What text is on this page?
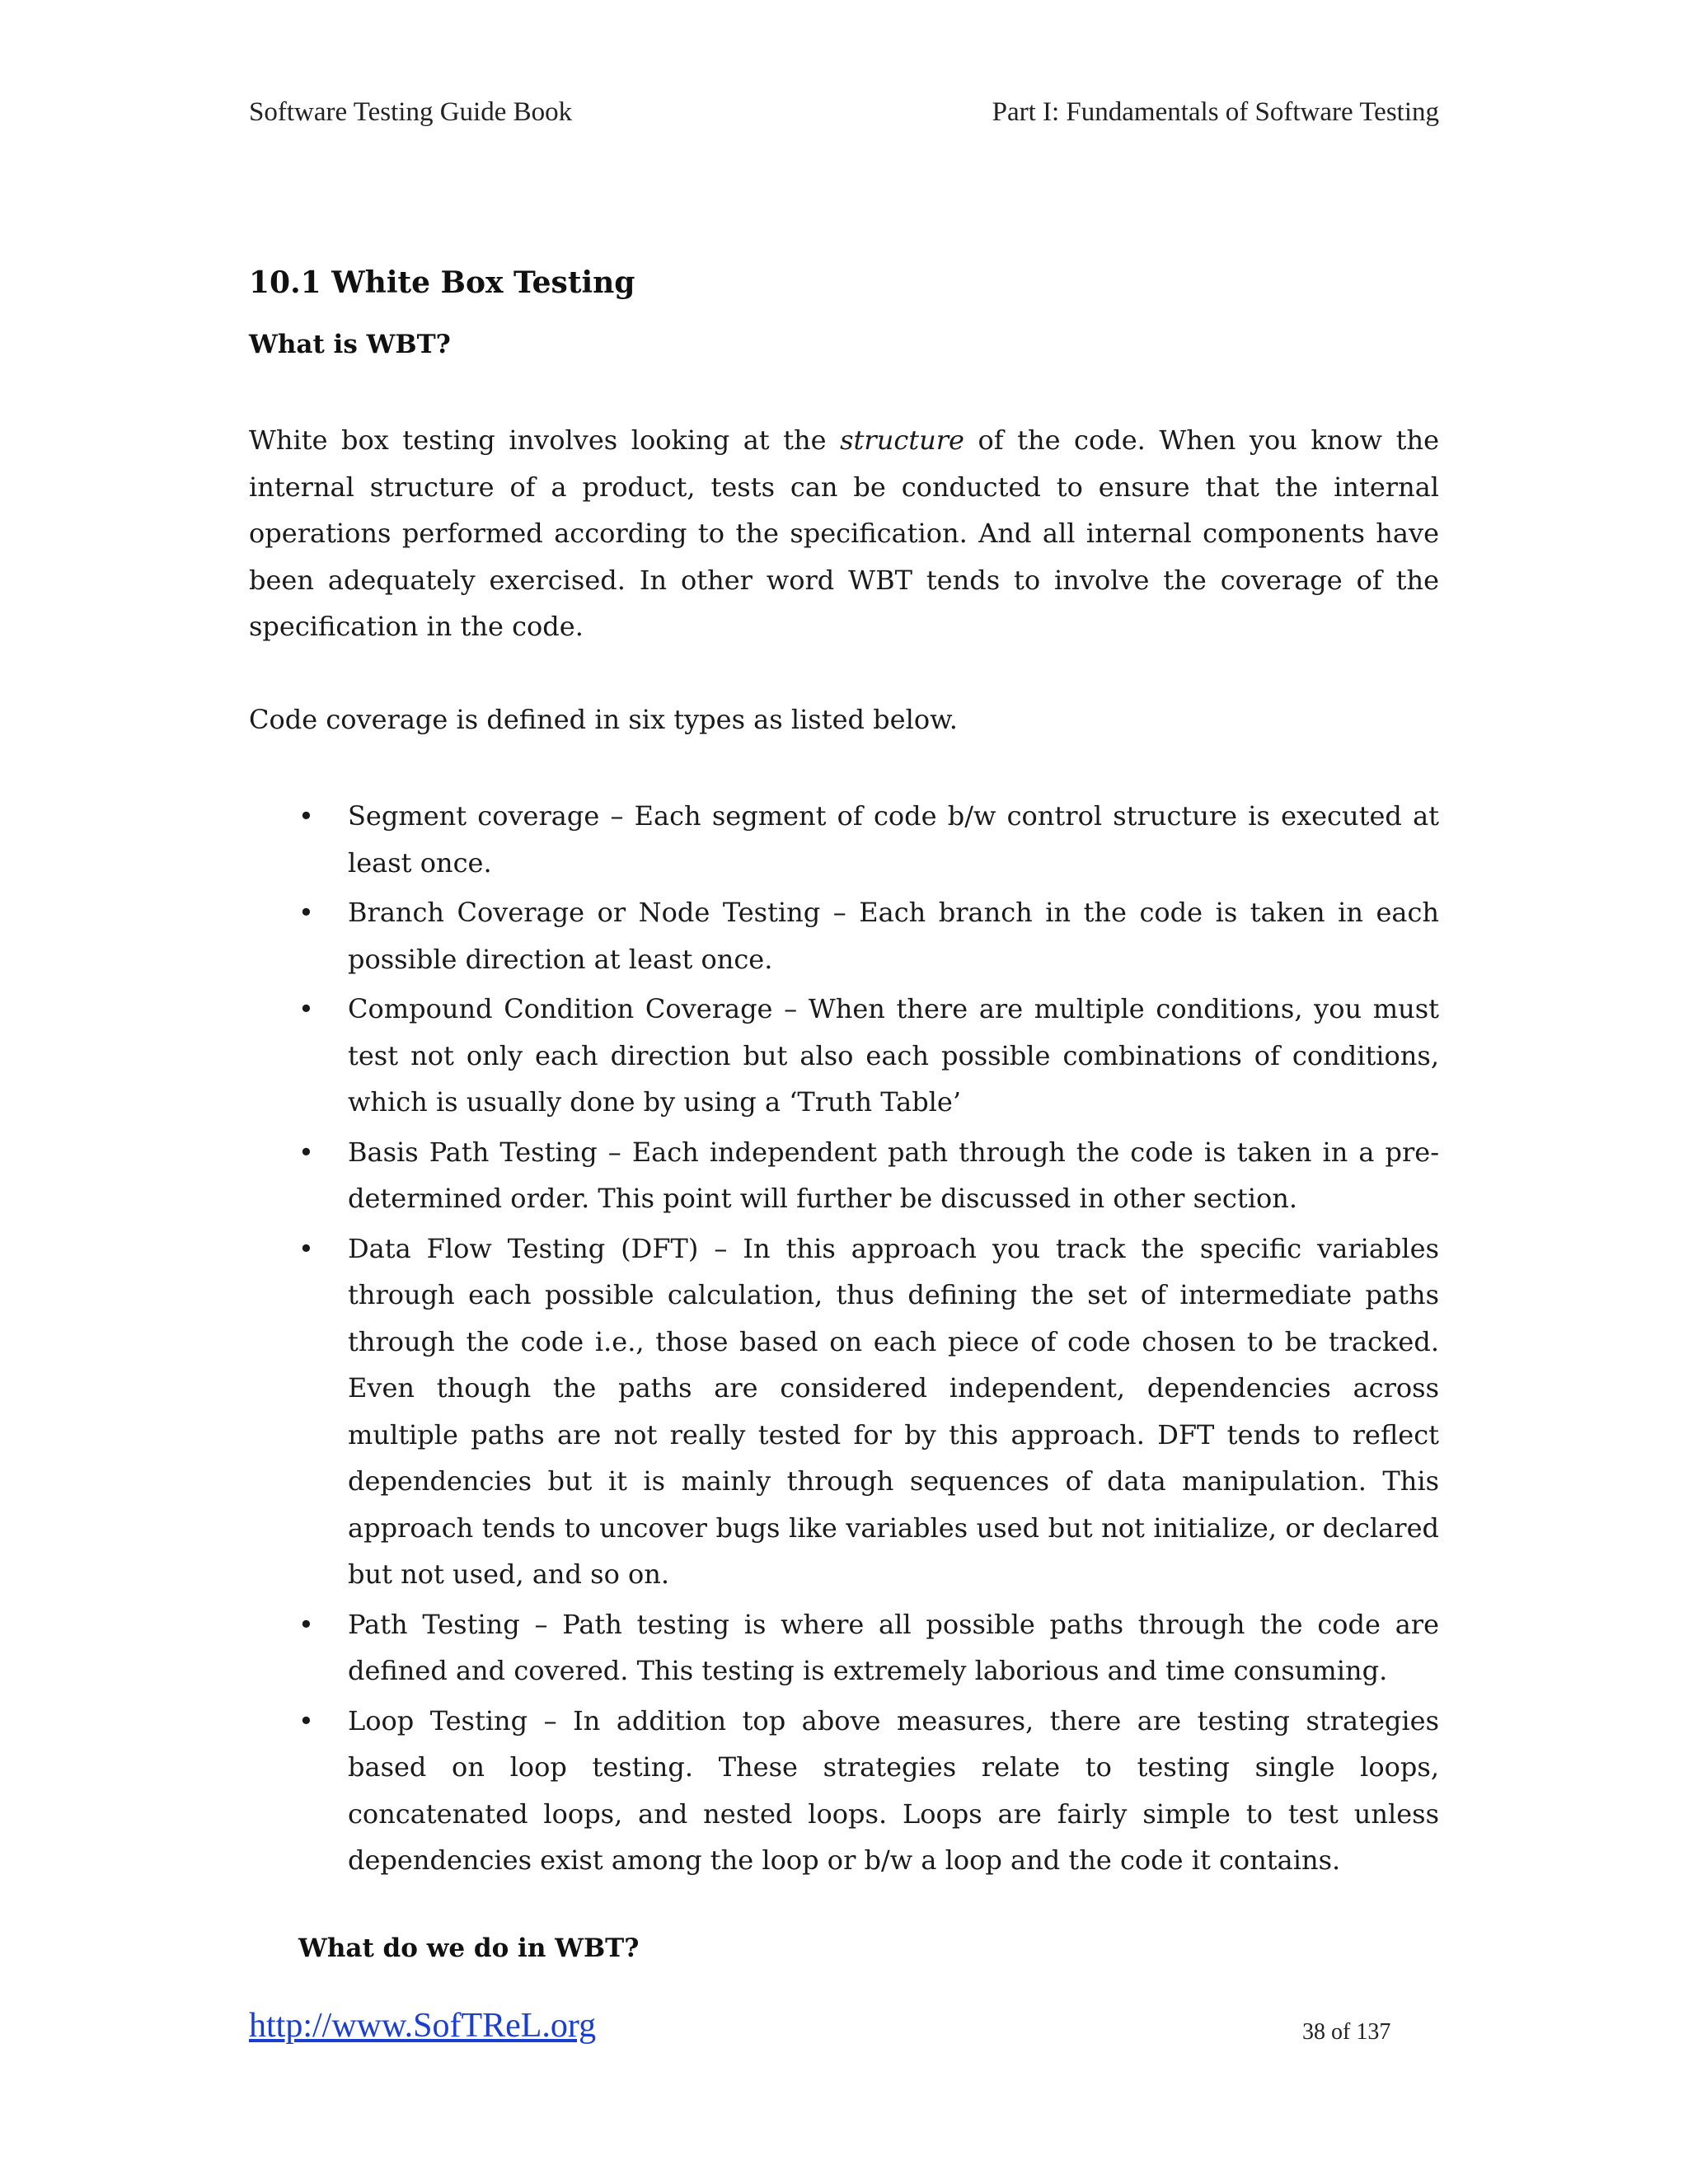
Software Testing Guide Book	Part I: Fundamentals of Software Testing
10.1 White Box Testing
What is WBT?

White box testing involves looking at the structure of the code. When you know the internal structure of a product, tests can be conducted to ensure that the internal operations performed according to the specification. And all internal components have been adequately exercised. In other word WBT tends to involve the coverage of the specification in the code.

Code coverage is defined in six types as listed below.

• Segment coverage – Each segment of code b/w control structure is executed at least once.
• Branch Coverage or Node Testing – Each branch in the code is taken in each possible direction at least once.
• Compound Condition Coverage – When there are multiple conditions, you must test not only each direction but also each possible combinations of conditions, which is usually done by using a ‘Truth Table’
• Basis Path Testing – Each independent path through the code is taken in a pre-determined order. This point will further be discussed in other section.
• Data Flow Testing (DFT) – In this approach you track the specific variables through each possible calculation, thus defining the set of intermediate paths through the code i.e., those based on each piece of code chosen to be tracked. Even though the paths are considered independent, dependencies across multiple paths are not really tested for by this approach. DFT tends to reflect dependencies but it is mainly through sequences of data manipulation. This approach tends to uncover bugs like variables used but not initialize, or declared but not used, and so on.
• Path Testing – Path testing is where all possible paths through the code are defined and covered. This testing is extremely laborious and time consuming.
• Loop Testing – In addition top above measures, there are testing strategies based on loop testing. These strategies relate to testing single loops, concatenated loops, and nested loops. Loops are fairly simple to test unless dependencies exist among the loop or b/w a loop and the code it contains.
What do we do in WBT?
http://www.SofTReL.org	38 of 137
